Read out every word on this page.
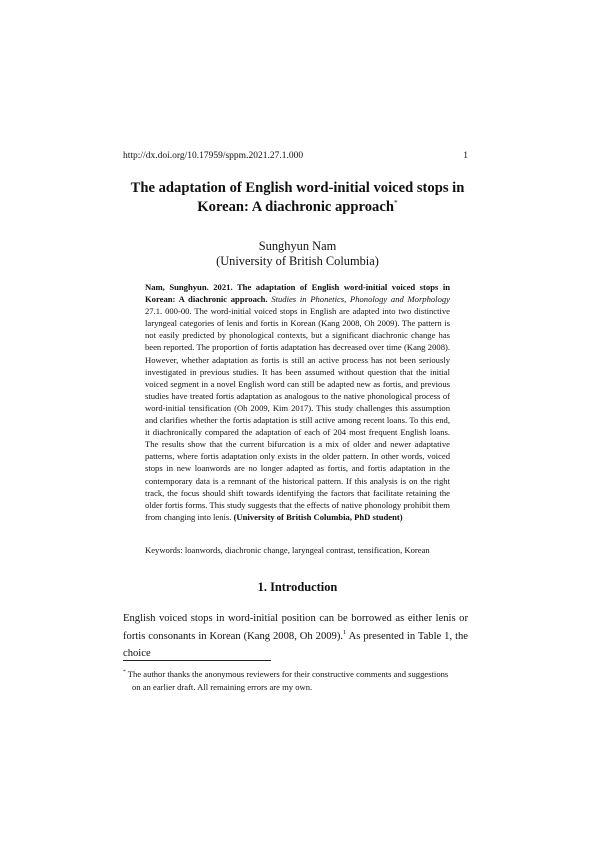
http://dx.doi.org/10.17959/sppm.2021.27.1.000	1
The adaptation of English word-initial voiced stops in
Korean: A diachronic approach*
Sunghyun Nam
(University of British Columbia)
Nam, Sunghyun. 2021. The adaptation of English word-initial voiced stops in Korean: A diachronic approach. Studies in Phonetics, Phonology and Morphology 27.1. 000-00. The word-initial voiced stops in English are adapted into two distinctive laryngeal categories of lenis and fortis in Korean (Kang 2008, Oh 2009). The pattern is not easily predicted by phonological contexts, but a significant diachronic change has been reported. The proportion of fortis adaptation has decreased over time (Kang 2008). However, whether adaptation as fortis is still an active process has not been seriously investigated in previous studies. It has been assumed without question that the initial voiced segment in a novel English word can still be adapted new as fortis, and previous studies have treated fortis adaptation as analogous to the native phonological process of word-initial tensification (Oh 2009, Kim 2017). This study challenges this assumption and clarifies whether the fortis adaptation is still active among recent loans. To this end, it diachronically compared the adaptation of each of 204 most frequent English loans. The results show that the current bifurcation is a mix of older and newer adaptative patterns, where fortis adaptation only exists in the older pattern. In other words, voiced stops in new loanwords are no longer adapted as fortis, and fortis adaptation in the contemporary data is a remnant of the historical pattern. If this analysis is on the right track, the focus should shift towards identifying the factors that facilitate retaining the older fortis forms. This study suggests that the effects of native phonology prohibit them from changing into lenis. (University of British Columbia, PhD student)
Keywords: loanwords, diachronic change, laryngeal contrast, tensification, Korean
1. Introduction
English voiced stops in word-initial position can be borrowed as either lenis or fortis consonants in Korean (Kang 2008, Oh 2009).$^1$ As presented in Table 1, the choice
* The author thanks the anonymous reviewers for their constructive comments and suggestions
on an earlier draft. All remaining errors are my own.
